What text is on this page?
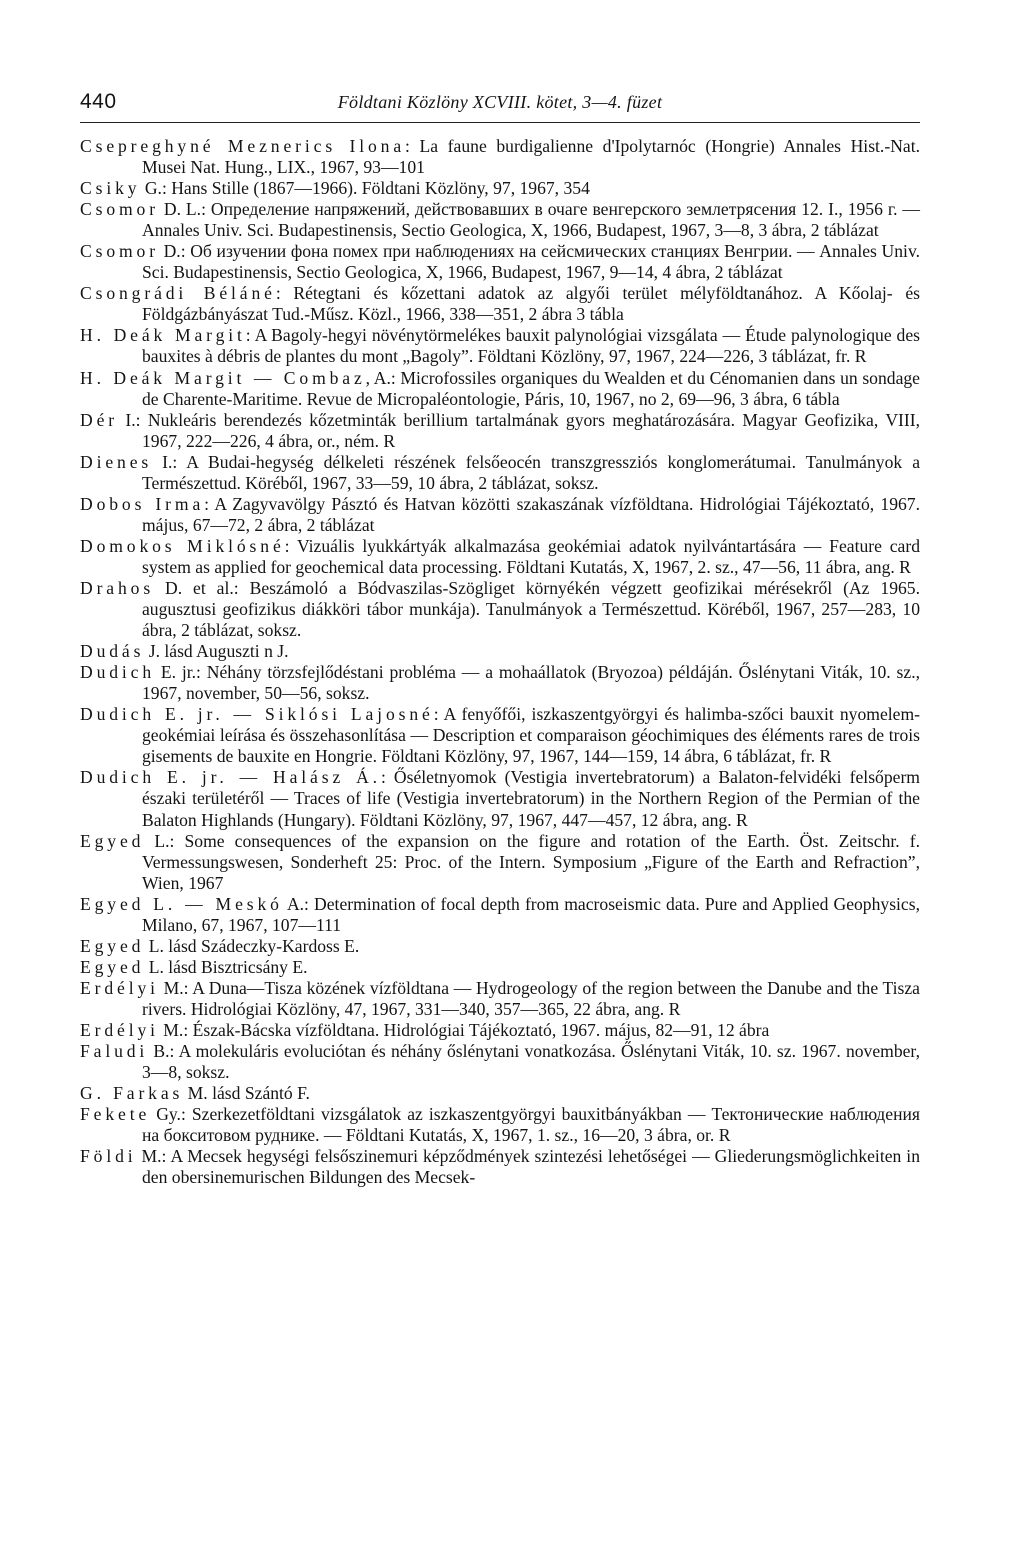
440	Földtani Közlöny XCVIII. kötet, 3—4. füzet

Csepreghyné Meznerics Ilona: La faune burdigalienne d'Ipolytarnóc (Hongrie) Annales Hist.-Nat. Musei Nat. Hung., LIX., 1967, 93—101

Csiky G.: Hans Stille (1867—1966). Földtani Közlöny, 97, 1967, 354

Csomor D. L.: Определение напряжений, действовавших в очаге венгерского землетрясения 12. I., 1956 г. — Annales Univ. Sci. Budapestinensis, Sectio Geologica, X, 1966, Budapest, 1967, 3—8, 3 ábra, 2 táblázat

Csomor D.: Об изучении фона помех при наблюдениях на сейсмических станциях Венгрии. — Annales Univ. Sci. Budapestinensis, Sectio Geologica, X, 1966, Budapest, 1967, 9—14, 4 ábra, 2 táblázat

Csongrádi Béláné: Rétegtani és kőzettani adatok az algyői terület mélyföldtanához. A Kőolaj- és Földgázbányászat Tud.-Műsz. Közl., 1966, 338—351, 2 ábra 3 tábla

H. Deák Margit: A Bagoly-hegyi növénytörmelékes bauxit palynológiai vizsgálata — Étude palynologique des bauxites à débris de plantes du mont „Bagoly”. Földtani Közlöny, 97, 1967, 224—226, 3 táblázat, fr. R

H. Deák Margit — Combaz, A.: Microfossiles organiques du Wealden et du Cénomanien dans un sondage de Charente-Maritime. Revue de Micropaléontologie, Páris, 10, 1967, no 2, 69—96, 3 ábra, 6 tábla

Dér I.: Nukleáris berendezés kőzetminták berillium tartalmának gyors meghatározására. Magyar Geofizika, VIII, 1967, 222—226, 4 ábra, or., ném. R

Dienes I.: A Budai-hegység délkeleti részének felsőeocén transzgressziós konglomerátumai. Tanulmányok a Természettud. Köréből, 1967, 33—59, 10 ábra, 2 táblázat, soksz.

Dobos Irma: A Zagyvavölgy Pásztó és Hatvan közötti szakaszának vízföldtana. Hidrológiai Tájékoztató, 1967. május, 67—72, 2 ábra, 2 táblázat

Domokos Miklósné: Vizuális lyukkártyák alkalmazása geokémiai adatok nyilvántartására — Feature card system as applied for geochemical data processing. Földtani Kutatás, X, 1967, 2. sz., 47—56, 11 ábra, ang. R

Drahos D. et al.: Beszámoló a Bódvaszilas-Szögliget környékén végzett geofizikai mérésekről (Az 1965. augusztusi geofizikus diákköri tábor munkája). Tanulmányok a Természettud. Köréből, 1967, 257—283, 10 ábra, 2 táblázat, soksz.

Dudás J. lásd Auguszti n J.

Dudich E. jr.: Néhány törzsfejlődéstani probléma — a mohaállatok (Bryozoa) példáján. Őslénytani Viták, 10. sz., 1967, november, 50—56, soksz.

Dudich E. jr. — Siklósi Lajosné: A fenyőfői, iszkaszentgyörgyi és halimba-szőci bauxit nyomelem-geokémiai leírása és összehasonlítása — Description et comparaison géochimiques des éléments rares de trois gisements de bauxite en Hongrie. Földtani Közlöny, 97, 1967, 144—159, 14 ábra, 6 táblázat, fr. R

Dudich E. jr. — Halász Á.: Őséletnyomok (Vestigia invertebratorum) a Balaton-felvidéki felsőperm északi területéről — Traces of life (Vestigia invertebratorum) in the Northern Region of the Permian of the Balaton Highlands (Hungary). Földtani Közlöny, 97, 1967, 447—457, 12 ábra, ang. R

Egyed L.: Some consequences of the expansion on the figure and rotation of the Earth. Öst. Zeitschr. f. Vermessungswesen, Sonderheft 25: Proc. of the Intern. Symposium „Figure of the Earth and Refraction”, Wien, 1967

Egyed L. — Meskó A.: Determination of focal depth from macroseismic data. Pure and Applied Geophysics, Milano, 67, 1967, 107—111

Egyed L. lásd Szádeczky-Kardoss E.

Egyed L. lásd Bisztricsány E.

Erdélyi M.: A Duna—Tisza közének vízföldtana — Hydrogeology of the region between the Danube and the Tisza rivers. Hidrológiai Közlöny, 47, 1967, 331—340, 357—365, 22 ábra, ang. R

Erdélyi M.: Észak-Bácska vízföldtana. Hidrológiai Tájékoztató, 1967. május, 82—91, 12 ábra

Faludi B.: A molekuláris evoluciótan és néhány őslénytani vonatkozása. Őslénytani Viták, 10. sz. 1967. november, 3—8, soksz.

G. Farkas M. lásd Szántó F.

Fekete Gy.: Szerkezetföldtani vizsgálatok az iszkaszentgyörgyi bauxitbányákban — Тектонические наблюдения на бокситовом руднике. — Földtani Kutatás, X, 1967, 1. sz., 16—20, 3 ábra, or. R

Földi M.: A Mecsek hegységi felsőszinemuri képződmények szintezési lehetőségei — Gliederungsmöglichkeiten in den obersinemurischen Bildungen des Mecsek-
